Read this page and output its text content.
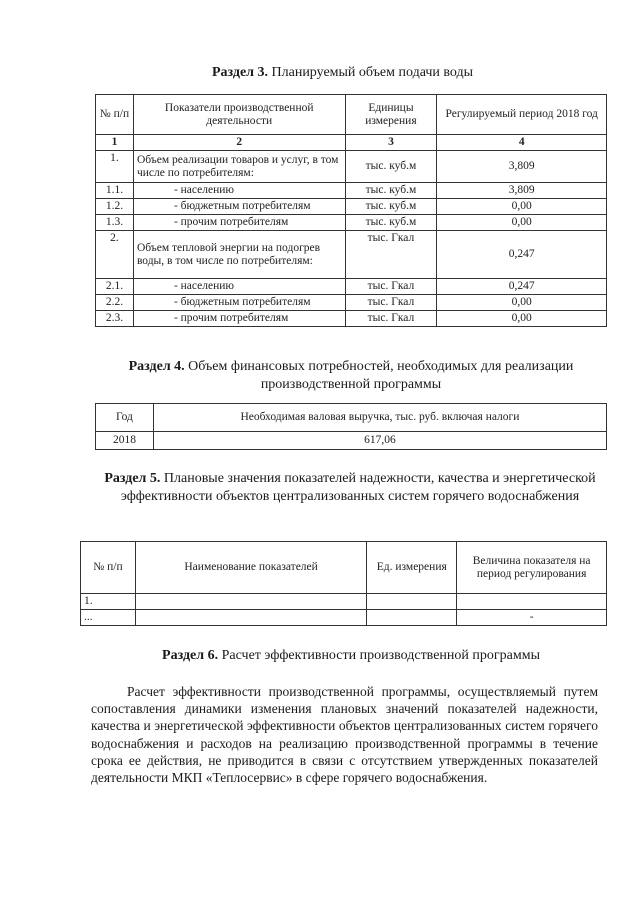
Раздел 3. Планируемый объем подачи воды
№ п/п	Показатели производственной деятельности	Единицы измерения	Регулируемый период 2018 год
1	2	3	4
1.	Объем реализации товаров и услуг, в том числе по потребителям:	тыс. куб.м	3,809
1.1.	- населению	тыс. куб.м	3,809
1.2.	- бюджетным потребителям	тыс. куб.м	0,00
1.3.	- прочим потребителям	тыс. куб.м	0,00
2.	Объем тепловой энергии на подогрев воды, в том числе по потребителям:	тыс. Гкал	0,247
2.1.	- населению	тыс. Гкал	0,247
2.2.	- бюджетным потребителям	тыс. Гкал	0,00
2.3.	- прочим потребителям	тыс. Гкал	0,00
Раздел 4. Объем финансовых потребностей, необходимых для реализации производственной программы
Год	Необходимая валовая выручка, тыс. руб. включая налоги
2018	617,06
Раздел 5. Плановые значения показателей надежности, качества и энергетической эффективности объектов централизованных систем горячего водоснабжения
№ п/п	Наименование показателей	Ед. измерения	Величина показателя на период регулирования
1.			
...			-
Раздел 6. Расчет эффективности производственной программы
Расчет эффективности производственной программы, осуществляемый путем сопоставления динамики изменения плановых значений показателей надежности, качества и энергетической эффективности объектов централизованных систем горячего водоснабжения и расходов на реализацию производственной программы в течение срока ее действия, не приводится в связи с отсутствием утвержденных показателей деятельности МКП «Теплосервис» в сфере горячего водоснабжения.
